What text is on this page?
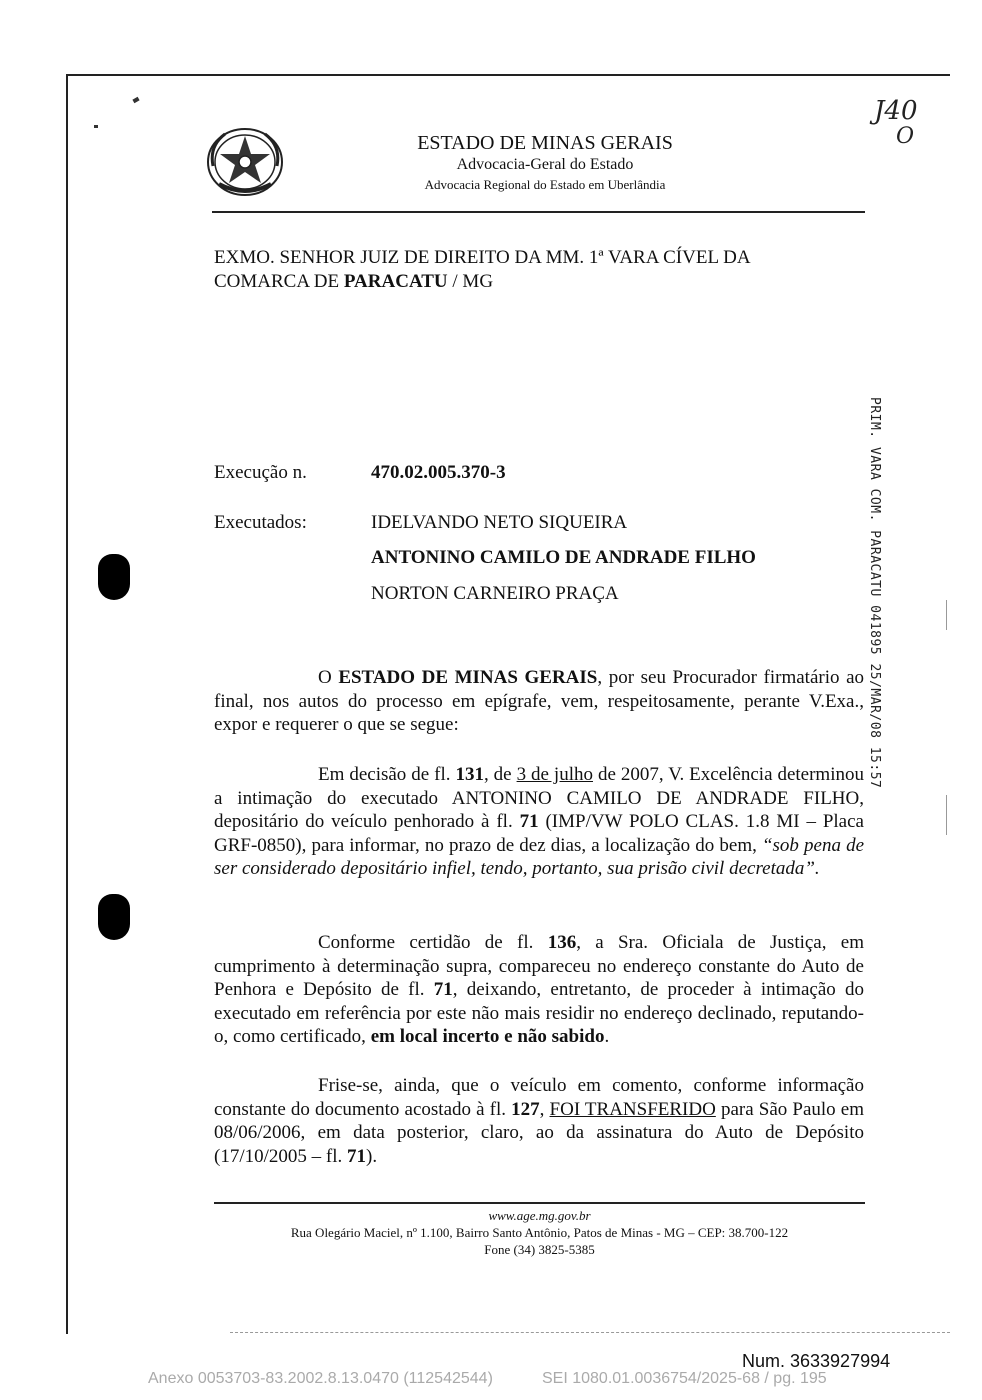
ESTADO DE MINAS GERAIS
Advocacia-Geral do Estado
Advocacia Regional do Estado em Uberlândia
J40
O
EXMO. SENHOR JUIZ DE DIREITO DA MM. 1ª VARA CÍVEL DA
COMARCA DE PARACATU / MG
Execução n.	470.02.005.370-3
Executados:	IDELVANDO NETO SIQUEIRA
ANTONINO CAMILO DE ANDRADE FILHO
NORTON CARNEIRO PRAÇA	PRIM. VARA COM. PARACATU 041895 25/MAR/08 15:57
O ESTADO DE MINAS GERAIS, por seu Procurador firmatário ao final, nos autos do processo em epígrafe, vem, respeitosamente, perante V.Exa., expor e requerer o que se segue:
Em decisão de fl. 131, de 3 de julho de 2007, V. Excelência determinou a intimação do executado ANTONINO CAMILO DE ANDRADE FILHO, depositário do veículo penhorado à fl. 71 (IMP/VW POLO CLAS. 1.8 MI – Placa GRF-0850), para informar, no prazo de dez dias, a localização do bem, “sob pena de ser considerado depositário infiel, tendo, portanto, sua prisão civil decretada”.
Conforme certidão de fl. 136, a Sra. Oficiala de Justiça, em cumprimento à determinação supra, compareceu no endereço constante do Auto de Penhora e Depósito de fl. 71, deixando, entretanto, de proceder à intimação do executado em referência por este não mais residir no endereço declinado, reputando-o, como certificado, em local incerto e não sabido.
Frise-se, ainda, que o veículo em comento, conforme informação constante do documento acostado à fl. 127, FOI TRANSFERIDO para São Paulo em 08/06/2006, em data posterior, claro, ao da assinatura do Auto de Depósito (17/10/2005 – fl. 71).
www.age.mg.gov.br
Rua Olegário Maciel, nº 1.100, Bairro Santo Antônio, Patos de Minas - MG – CEP: 38.700-122
Fone (34) 3825-5385
Num. 3633927994
Anexo 0053703-83.2002.8.13.0470 (112542544)	SEI 1080.01.0036754/2025-68 / pg. 195
